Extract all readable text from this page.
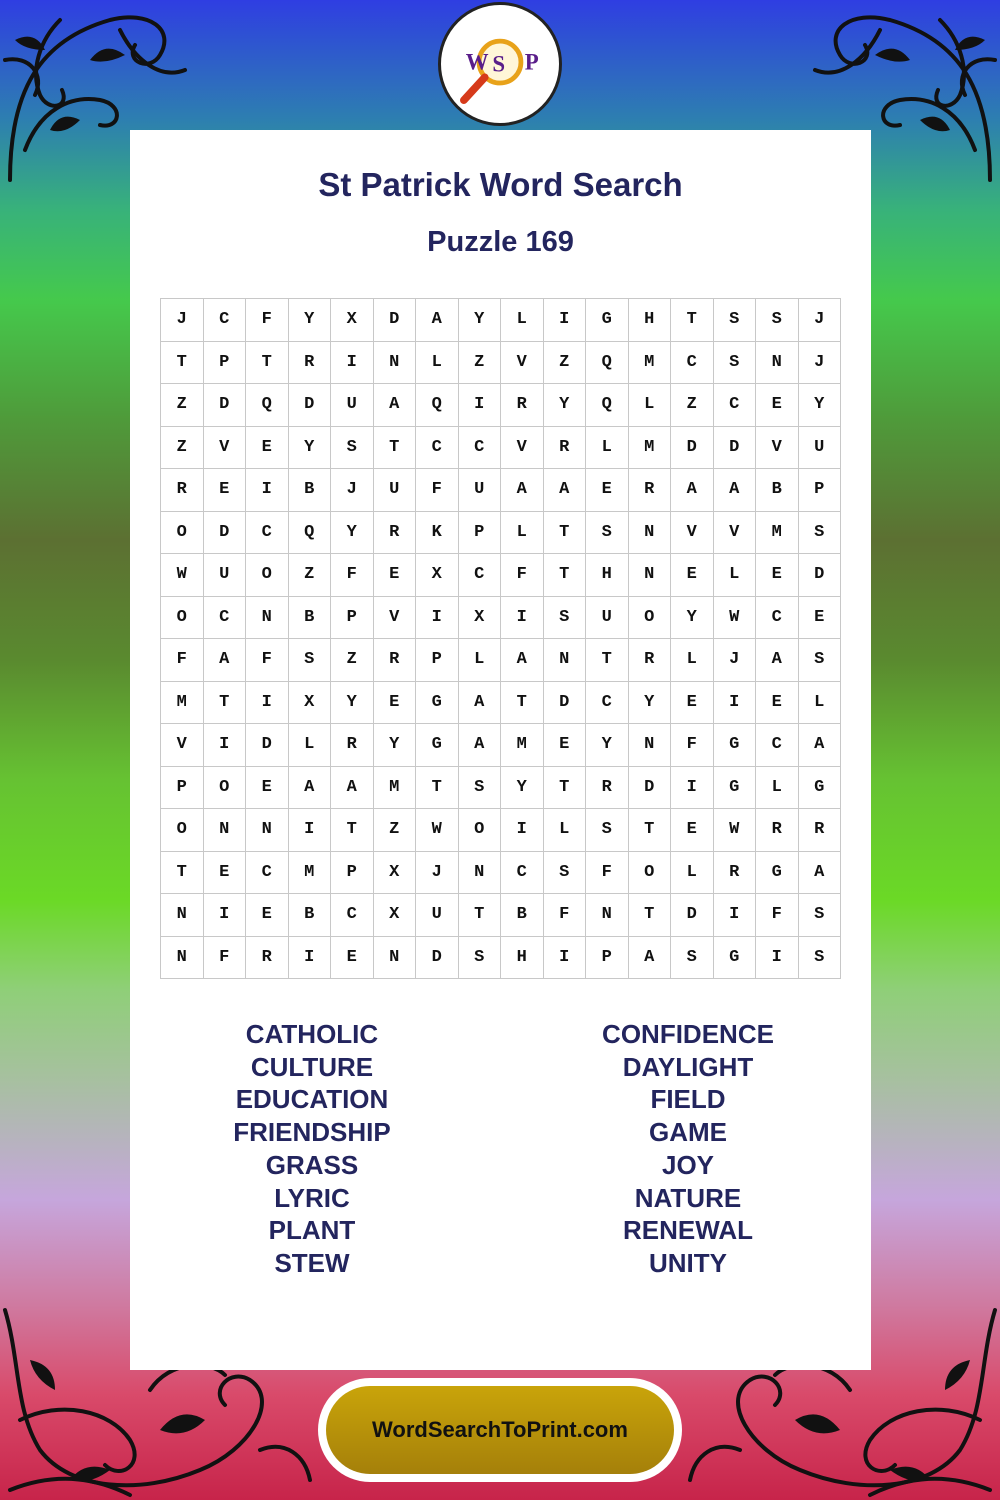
W S P
St Patrick Word Search
Puzzle 169
J	C	F	Y	X	D	A	Y	L	I	G	H	T	S	S	J
T	P	T	R	I	N	L	Z	V	Z	Q	M	C	S	N	J
Z	D	Q	D	U	A	Q	I	R	Y	Q	L	Z	C	E	Y
Z	V	E	Y	S	T	C	C	V	R	L	M	D	D	V	U
R	E	I	B	J	U	F	U	A	A	E	R	A	A	B	P
O	D	C	Q	Y	R	K	P	L	T	S	N	V	V	M	S
W	U	O	Z	F	E	X	C	F	T	H	N	E	L	E	D
O	C	N	B	P	V	I	X	I	S	U	O	Y	W	C	E
F	A	F	S	Z	R	P	L	A	N	T	R	L	J	A	S
M	T	I	X	Y	E	G	A	T	D	C	Y	E	I	E	L
V	I	D	L	R	Y	G	A	M	E	Y	N	F	G	C	A
P	O	E	A	A	M	T	S	Y	T	R	D	I	G	L	G
O	N	N	I	T	Z	W	O	I	L	S	T	E	W	R	R
T	E	C	M	P	X	J	N	C	S	F	O	L	R	G	A
N	I	E	B	C	X	U	T	B	F	N	T	D	I	F	S
N	F	R	I	E	N	D	S	H	I	P	A	S	G	I	S
CATHOLIC
CULTURE
EDUCATION
FRIENDSHIP
GRASS
LYRIC
PLANT
STEW
CONFIDENCE
DAYLIGHT
FIELD
GAME
JOY
NATURE
RENEWAL
UNITY
WordSearchToPrint.com
